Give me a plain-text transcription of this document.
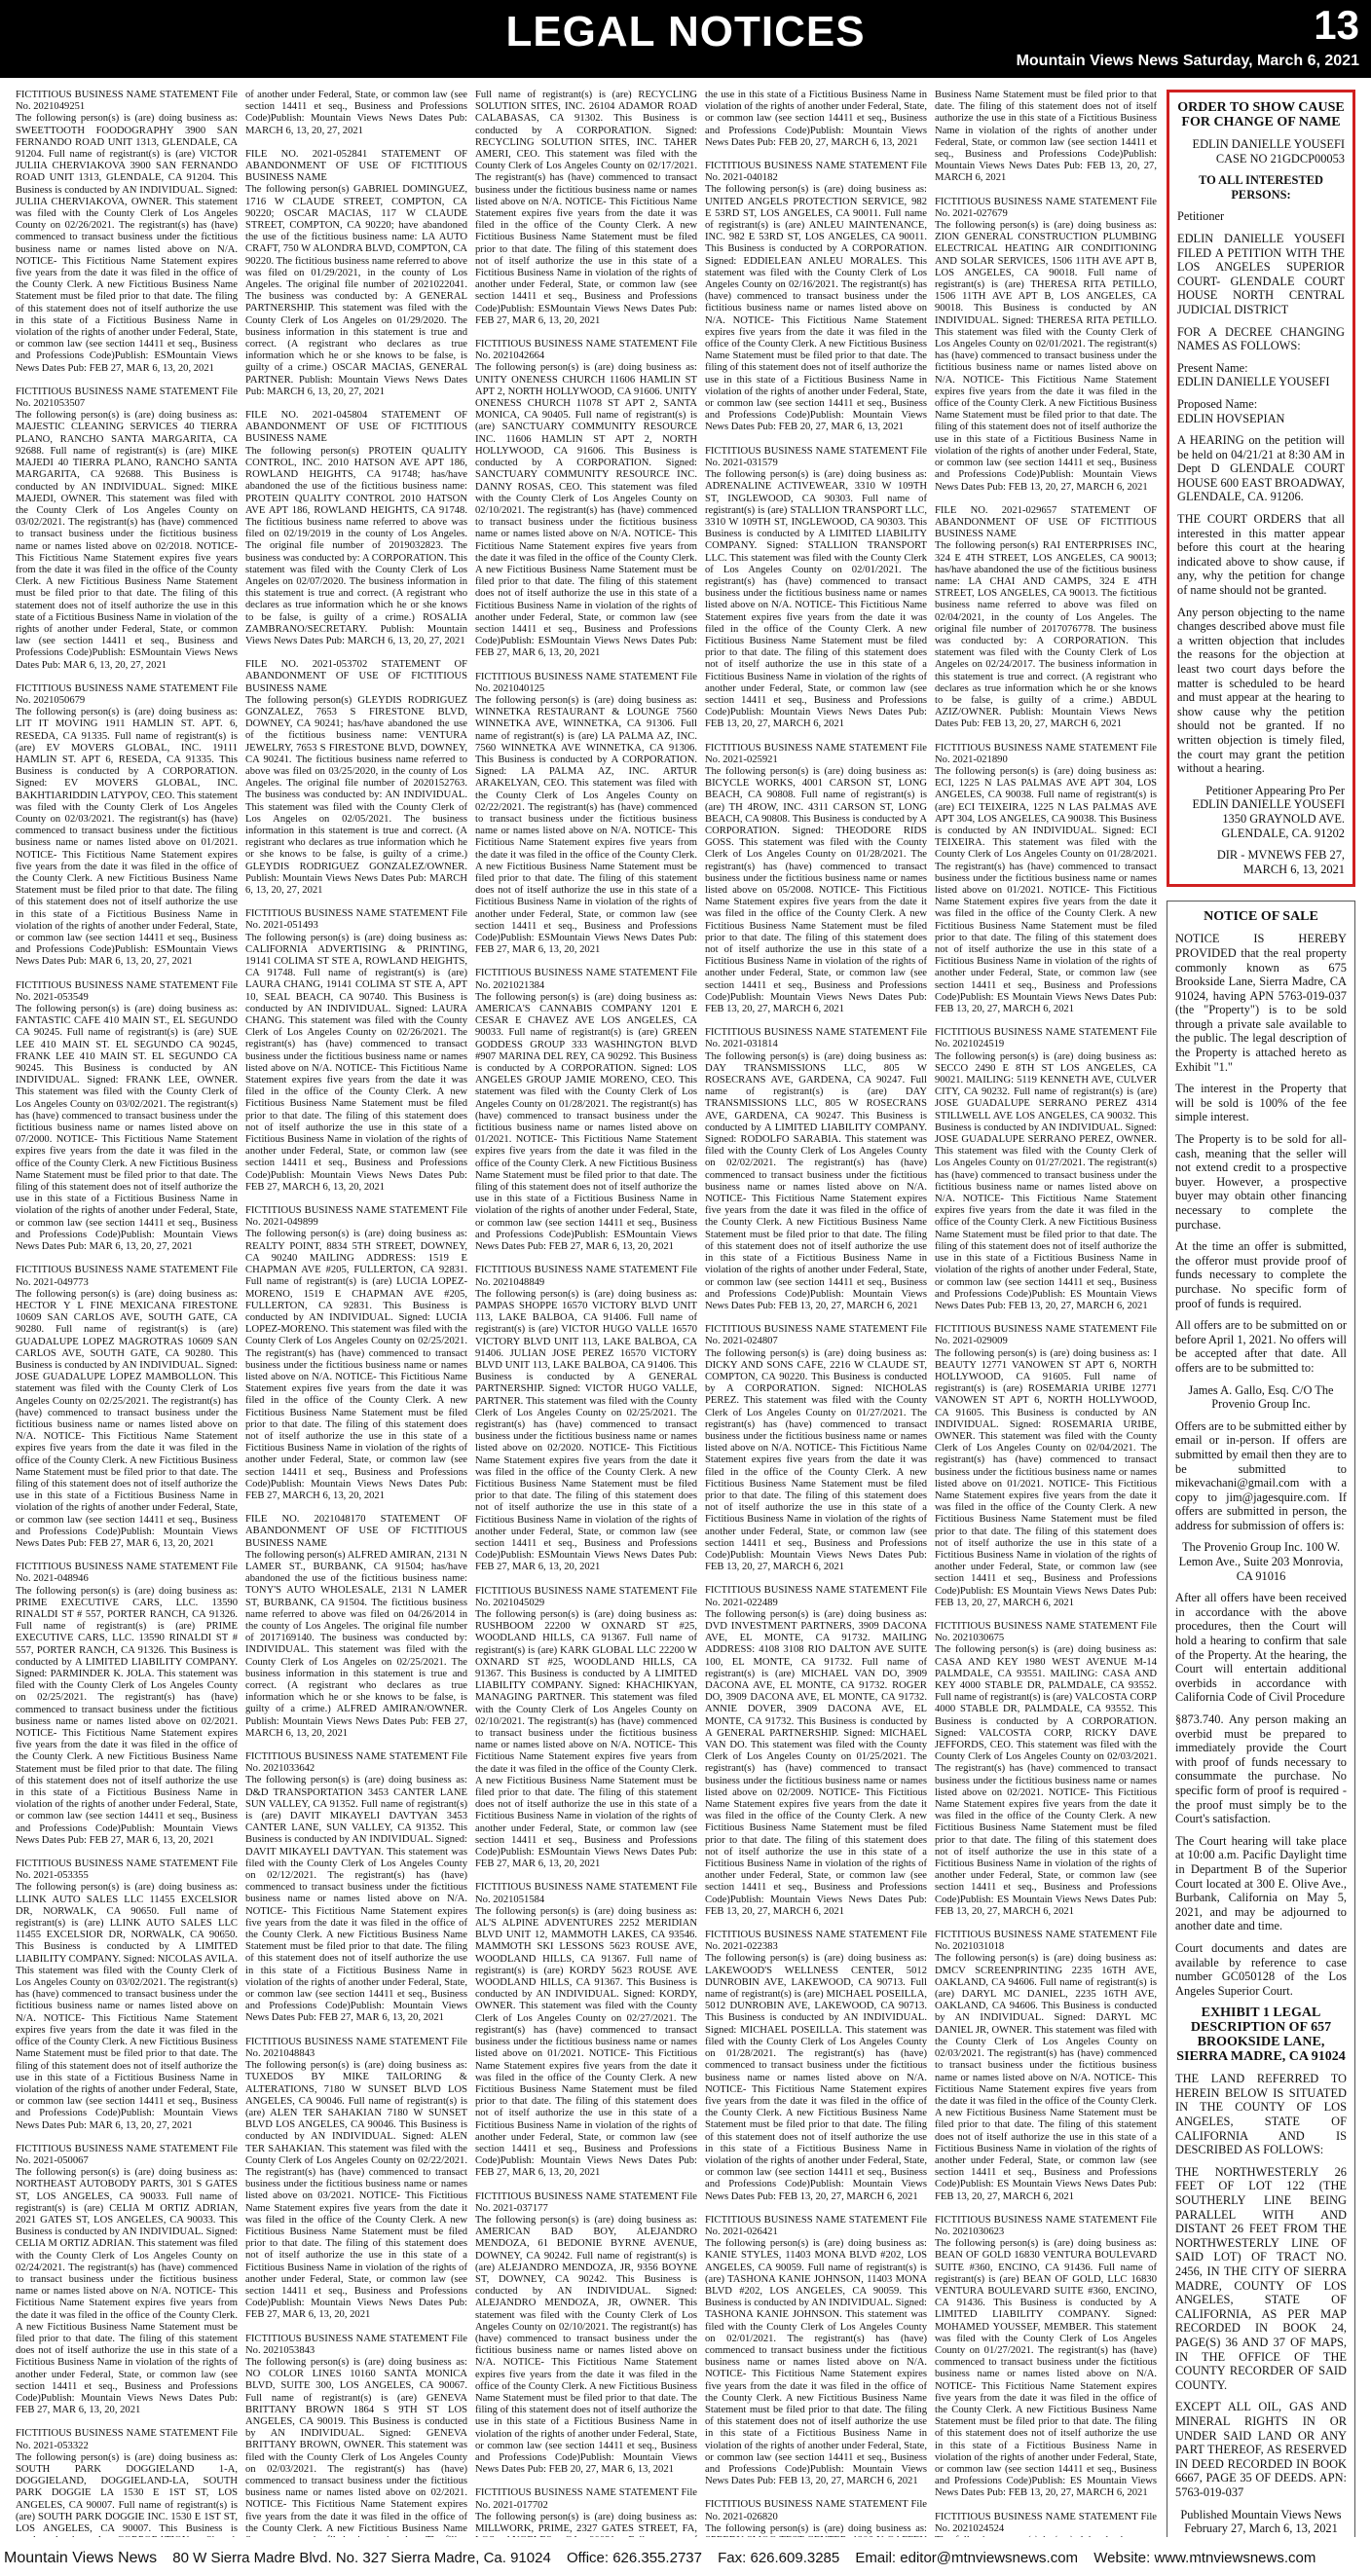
LEGAL NOTICES	13
Mountain Views News Saturday, March 6, 2021
FICTITIOUS BUSINESS NAME STATEMENT File No. 2021049251
The following person(s) is (are) doing business as: SWEETTOOTH FOODOGRAPHY 3900 SAN FERNANDO ROAD UNIT 1313, GLENDALE, CA 91204. Full name of registrant(s) is (are) VICTOR JULIIA CHERVIAKOVA 3900 SAN FERNANDO ROAD UNIT 1313, GLENDALE, CA 91204. This Business is conducted by AN INDIVIDUAL. Signed: JULIIA CHERVIAKOVA, OWNER. This statement was filed with the County Clerk of Los Angeles County on 02/26/2021. The registrant(s) has (have) commenced to transact business under the fictitious business name or names listed above on N/A. NOTICE- This Fictitious Name Statement expires five years from the date it was filed in the office of the County Clerk. A new Fictitious Business Name Statement must be filed prior to that date. The filing of this statement does not of itself authorize the use in this state of a Fictitious Business Name in violation of the rights of another under Federal, State, or common law (see section 14411 et seq., Business and Professions Code)Publish: ESMountain Views News Dates Pub: FEB 27, MAR 6, 13, 20, 2021
FICTITIOUS BUSINESS NAME STATEMENT File No. 2021053507
The following person(s) is (are) doing business as: MAJESTIC CLEANING SERVICES 40 TIERRA PLANO, RANCHO SANTA MARGARITA, CA 92688. Full name of registrant(s) is (are) MIKE MAJEDI 40 TIERRA PLANO, RANCHO SANTA MARGARITA, CA 92688. This Business is conducted by AN INDIVIDUAL. Signed: MIKE MAJEDI, OWNER. This statement was filed with the County Clerk of Los Angeles County on 03/02/2021. The registrant(s) has (have) commenced to transact business under the fictitious business name or names listed above on 02/2018. NOTICE- This Fictitious Name Statement expires five years from the date it was filed in the office of the County Clerk. A new Fictitious Business Name Statement must be filed prior to that date. The filing of this statement does not of itself authorize the use in this state of a Fictitious Business Name in violation of the rights of another under Federal, State, or common law (see section 14411 et seq., Business and Professions Code)Publish: ESMountain Views News Dates Pub: MAR 6, 13, 20, 27, 2021
FICTITIOUS BUSINESS NAME STATEMENT File No. 2021050679
The following person(s) is (are) doing business as: LIT IT MOVING 1911 HAMLIN ST. APT. 6, RESEDA, CA 91335. Full name of registrant(s) is (are) EV MOVERS GLOBAL, INC. 19111 HAMLIN ST. APT 6, RESEDA, CA 91335. This Business is conducted by A CORPORATION. Signed: EV MOVERS GLOBAL, INC. BAKHTIARIDDIN LATYPOV, CEO. This statement was filed with the County Clerk of Los Angeles County on 02/03/2021. The registrant(s) has (have) commenced to transact business under the fictitious business name or names listed above on 01/2021. NOTICE- This Fictitious Name Statement expires five years from the date it was filed in the office of the County Clerk. A new Fictitious Business Name Statement must be filed prior to that date. The filing of this statement does not of itself authorize the use in this state of a Fictitious Business Name in violation of the rights of another under Federal, State, or common law (see section 14411 et seq., Business and Professions Code)Publish: ESMountain Views News Dates Pub: MAR 6, 13, 20, 27, 2021
FICTITIOUS BUSINESS NAME STATEMENT File No. 2021-053549
The following person(s) is (are) doing business as: FANTASTIC CAFE 410 MAIN ST., EL SEGUNDO CA 90245. Full name of registrant(s) is (are) SUE LEE 410 MAIN ST. EL SEGUNDO CA 90245, FRANK LEE 410 MAIN ST. EL SEGUNDO CA 90245. This Business is conducted by AN INDIVIDUAL. Signed: FRANK LEE, OWNER. This statement was filed with the County Clerk of Los Angeles County on 03/02/2021. The registrant(s) has (have) commenced to transact business under the fictitious business name or names listed above on 07/2000. NOTICE- This Fictitious Name Statement expires five years from the date it was filed in the office of the County Clerk. A new Fictitious Business Name Statement must be filed prior to that date. The filing of this statement does not of itself authorize the use in this state of a Fictitious Business Name in violation of the rights of another under Federal, State, or common law (see section 14411 et seq., Business and Professions Code)Publish: Mountain Views News Dates Pub: MAR 6, 13, 20, 27, 2021
FICTITIOUS BUSINESS NAME STATEMENT File No. 2021-049773
The following person(s) is (are) doing business as: HECTOR Y L FINE MEXICANA FIRESTONE 10609 SAN CARLOS AVE, SOUTH GATE, CA 90280. Full name of registrant(s) is (are) GUADALUPE LOPEZ MAGROTRAS 10609 SAN CARLOS AVE, SOUTH GATE, CA 90280. This Business is conducted by AN INDIVIDUAL. Signed: JOSE GUADALUPE LOPEZ MAMBOLLON. This statement was filed with the County Clerk of Los Angeles County on 02/25/2021. The registrant(s) has (have) commenced to transact business under the fictitious business name or names listed above on N/A. NOTICE- This Fictitious Name Statement expires five years from the date it was filed in the office of the County Clerk. A new Fictitious Business Name Statement must be filed prior to that date. The filing of this statement does not of itself authorize the use in this state of a Fictitious Business Name in violation of the rights of another under Federal, State, or common law (see section 14411 et seq., Business and Professions Code)Publish: Mountain Views News Dates Pub: FEB 27, MAR 6, 13, 20, 2021
FICTITIOUS BUSINESS NAME STATEMENT File No. 2021-048946
The following person(s) is (are) doing business as: PRIME EXECUTIVE CARS, LLC. 13590 RINALDI ST # 557, PORTER RANCH, CA 91326. Full name of registrant(s) is (are) PRIME EXECUTIVE CARS, LLC. 13590 RINALDI ST # 557, PORTER RANCH, CA 91326. This Business is conducted by A LIMITED LIABILITY COMPANY. Signed: PARMINDER K. JOLA. This statement was filed with the County Clerk of Los Angeles County on 02/25/2021. The registrant(s) has (have) commenced to transact business under the fictitious business name or names listed above on 02/2021. NOTICE- This Fictitious Name Statement expires five years from the date it was filed in the office of the County Clerk. A new Fictitious Business Name Statement must be filed prior to that date. The filing of this statement does not of itself authorize the use in this state of a Fictitious Business Name in violation of the rights of another under Federal, State, or common law (see section 14411 et seq., Business and Professions Code)Publish: Mountain Views News Dates Pub: FEB 27, MAR 6, 13, 20, 2021
FICTITIOUS BUSINESS NAME STATEMENT File No. 2021-053355
The following person(s) is (are) doing business as: LLINK AUTO SALES LLC 11455 EXCELSIOR DR, NORWALK, CA 90650. Full name of registrant(s) is (are) LLINK AUTO SALES LLC 11455 EXCELSIOR DR, NORWALK, CA 90650. This Business is conducted by A LIMITED LIABILITY COMPANY. Signed: NICOLAS AVILA. This statement was filed with the County Clerk of Los Angeles County on 03/02/2021. The registrant(s) has (have) commenced to transact business under the fictitious business name or names listed above on N/A. NOTICE- This Fictitious Name Statement expires five years from the date it was filed in the office of the County Clerk. A new Fictitious Business Name Statement must be filed prior to that date. The filing of this statement does not of itself authorize the use in this state of a Fictitious Business Name in violation of the rights of another under Federal, State, or common law (see section 14411 et seq., Business and Professions Code)Publish: Mountain Views News Dates Pub: MAR 6, 13, 20, 27, 2021
FICTITIOUS BUSINESS NAME STATEMENT File No. 2021-050067
The following person(s) is (are) doing business as: NORTHEAST AUTOBODY PARTS, 301 S GATES ST, LOS ANGELES, CA 90033. Full name of registrant(s) is (are) CELIA M ORTIZ ADRIAN, 2021 GATES ST, LOS ANGELES, CA 90033. This Business is conducted by AN INDIVIDUAL. Signed: CELIA M ORTIZ ADRIAN. This statement was filed with the County Clerk of Los Angeles County on 02/24/2021. The registrant(s) has (have) commenced to transact business under the fictitious business name or names listed above on N/A. NOTICE- This Fictitious Name Statement expires five years from the date it was filed in the office of the County Clerk. A new Fictitious Business Name Statement must be filed prior to that date. The filing of this statement does not of itself authorize the use in this state of a Fictitious Business Name in violation of the rights of another under Federal, State, or common law (see section 14411 et seq., Business and Professions Code)Publish: Mountain Views News Dates Pub: FEB 27, MAR 6, 13, 20, 2021
FICTITIOUS BUSINESS NAME STATEMENT File No. 2021-053322
The following person(s) is (are) doing business as: SOUTH PARK DOGGIELAND 1-A, DOGGIELAND, DOGGIELAND-LA, SOUTH PARK DOGGIE LA 1530 E 1ST ST, LOS ANGELES, CA 90007. Full name of registrant(s) is (are) SOUTH PARK DOGGIE INC. 1530 E 1ST ST, LOS ANGELES, CA 90007. This Business is
of another under Federal, State, or common law (see section 14411 et seq., Business and Professions Code)Publish: Mountain Views News Dates Pub: MARCH 6, 13, 20, 27, 2021
FILE NO. 2021-052841 STATEMENT OF ABANDONMENT OF USE OF FICTITIOUS BUSINESS NAME
The following person(s) GABRIEL DOMINGUEZ, 1716 W CLAUDE STREET, COMPTON, CA 90220; OSCAR MACIAS, 117 W CLAUDE STREET, COMPTON, CA 90220; have abandoned the use of the fictitious business name: LA AUTO CRAFT, 750 W ALONDRA BLVD, COMPTON, CA 90220. The fictitious business name referred to above was filed on 01/29/2021, in the county of Los Angeles. The original file number of 2021022041. The business was conducted by: A GENERAL PARTNERSHIP. This statement was filed with the County Clerk of Los Angeles on 01/29/2020. The business information in this statement is true and correct. (A registrant who declares as true information which he or she knows to be false, is guilty of a crime.) OSCAR MACIAS, GENERAL PARTNER. Publish: Mountain Views News Dates Pub: MARCH 6, 13, 20, 27, 2021
FILE NO. 2021-045804 STATEMENT OF ABANDONMENT OF USE OF FICTITIOUS BUSINESS NAME
The following person(s) PROTEIN QUALITY CONTROL, INC. 2010 HATSON AVE APT 186, ROWLAND HEIGHTS, CA 91748; has/have abandoned the use of the fictitious business name: PROTEIN QUALITY CONTROL 2010 HATSON AVE APT 186, ROWLAND HEIGHTS, CA 91748. The fictitious business name referred to above was filed on 02/19/2019 in the county of Los Angeles. The original file number of 2019032823. The business was conducted by: A CORPORATION. This statement was filed with the County Clerk of Los Angeles on 02/07/2020. The business information in this statement is true and correct. (A registrant who declares as true information which he or she knows to be false, is guilty of a crime.) ROSALIA ZAMBRANO/SECRETARY. Publish: Mountain Views News Dates Pub: MARCH 6, 13, 20, 27, 2021
FILE NO. 2021-053702 STATEMENT OF ABANDONMENT OF USE OF FICTITIOUS BUSINESS NAME
The following person(s) GLEYDIS RODRIGUEZ GONZALEZ, 7653 S FIRESTONE BLVD, DOWNEY, CA 90241; has/have abandoned the use of the fictitious business name: VENTURA JEWELRY, 7653 S FIRESTONE BLVD, DOWNEY, CA 90241. The fictitious business name referred to above was filed on 03/25/2020, in the county of Los Angeles. The original file number of 2020152763. The business was conducted by: AN INDIVIDUAL. This statement was filed with the County Clerk of Los Angeles on 02/05/2021. The business information in this statement is true and correct. (A registrant who declares as true information which he or she knows to be false, is guilty of a crime.) GLEYDIS RODRIGUEZ GONZALEZ/OWNER. Publish: Mountain Views News Dates Pub: MARCH 6, 13, 20, 27, 2021
FICTITIOUS BUSINESS NAME STATEMENT File No. 2021-051493
The following person(s) is (are) doing business as: CALIFORNIA ADVERTISING & PRINTING, 19141 COLIMA ST STE A, ROWLAND HEIGHTS, CA 91748. Full name of registrant(s) is (are) LAURA CHANG, 19141 COLIMA ST STE A, APT 10, SEAL BEACH, CA 90740. This Business is conducted by AN INDIVIDUAL. Signed: LAURA CHANG. This statement was filed with the County Clerk of Los Angeles County on 02/26/2021. The registrant(s) has (have) commenced to transact business under the fictitious business name or names listed above on N/A. NOTICE- This Fictitious Name Statement expires five years from the date it was filed in the office of the County Clerk. A new Fictitious Business Name Statement must be filed prior to that date. The filing of this statement does not of itself authorize the use in this state of a Fictitious Business Name in violation of the rights of another under Federal, State, or common law (see section 14411 et seq., Business and Professions Code)Publish: Mountain Views News Dates Pub: FEB 27, MARCH 6, 13, 20, 2021
FICTITIOUS BUSINESS NAME STATEMENT File No. 2021-049899
The following person(s) is (are) doing business as: REALTY POINT, 8834 5TH STREET, DOWNEY, CA 90240 MAILING ADDRESS: 1519 E CHAPMAN AVE #205, FULLERTON, CA 92831. Full name of registrant(s) is (are) LUCIA LOPEZ-MORENO, 1519 E CHAPMAN AVE #205, FULLERTON, CA 92831. This Business is conducted by AN INDIVIDUAL. Signed: LUCIA LOPEZ-MORENO. This statement was filed with the County Clerk of Los Angeles County on 02/25/2021. The registrant(s) has (have) commenced to transact business under the fictitious business name or names listed above on N/A. NOTICE- This Fictitious Name Statement expires five years from the date it was filed in the office of the County Clerk. A new Fictitious Business Name Statement must be filed prior to that date. The filing of this statement does not of itself authorize the use in this state of a Fictitious Business Name in violation of the rights of another under Federal, State, or common law (see section 14411 et seq., Business and Professions Code)Publish: Mountain Views News Dates Pub: FEB 27, MARCH 6, 13, 20, 2021
FILE NO. 2021048170 STATEMENT OF ABANDONMENT OF USE OF FICTITIOUS BUSINESS NAME
The following person(s) ALFRED AMIRAN, 2131 N LAMER ST., BURBANK, CA 91504; has/have abandoned the use of the fictitious business name: TONY'S AUTO WHOLESALE, 2131 N LAMER ST, BURBANK, CA 91504. The fictitious business name referred to above was filed on 04/26/2014 in the county of Los Angeles. The original file number of 2017169140. The business was conducted by: INDIVIDUAL. This statement was filed with the County Clerk of Los Angeles on 02/25/2021. The business information in this statement is true and correct. (A registrant who declares as true information which he or she knows to be false, is guilty of a crime.) ALFRED AMIRAN/OWNER. Publish: Mountain Views News Dates Pub: FEB 27, MARCH 6, 13, 20, 2021
FICTITIOUS BUSINESS NAME STATEMENT File No. 2021033642
The following person(s) is (are) doing business as: D&D TRANSPORTATION 3453 CANTER LANE SUN VALLEY, CA 91352. Full name of registrant(s) is (are) DAVIT MIKAYELI DAVTYAN 3453 CANTER LANE, SUN VALLEY, CA 91352. This Business is conducted by AN INDIVIDUAL. Signed: DAVIT MIKAYELI DAVTYAN. This statement was filed with the County Clerk of Los Angeles County on 02/12/2021. The registrant(s) has (have) commenced to transact business under the fictitious business name or names listed above on N/A. NOTICE- This Fictitious Name Statement expires five years from the date it was filed in the office of the County Clerk. A new Fictitious Business Name Statement must be filed prior to that date. The filing of this statement does not of itself authorize the use in this state of a Fictitious Business Name in violation of the rights of another under Federal, State, or common law (see section 14411 et seq., Business and Professions Code)Publish: Mountain Views News Dates Pub: FEB 27, MAR 6, 13, 20, 2021
FICTITIOUS BUSINESS NAME STATEMENT File No. 2021048843
The following person(s) is (are) doing business as: TUXEDOS BY MIKE TAILORING & ALTERATIONS, 7180 W SUNSET BLVD LOS ANGELES, CA 90046. Full name of registrant(s) is (are) ALEN TER SAHAKIAN 7180 W SUNSET BLVD LOS ANGELES, CA 90046. This Business is conducted by AN INDIVIDUAL. Signed: ALEN TER SAHAKIAN. This statement was filed with the County Clerk of Los Angeles County on 02/22/2021. The registrant(s) has (have) commenced to transact business under the fictitious business name or names listed above on 03/2021. NOTICE- This Fictitious Name Statement expires five years from the date it was filed in the office of the County Clerk. A new Fictitious Business Name Statement must be filed prior to that date. The filing of this statement does not of itself authorize the use in this state of a Fictitious Business Name in violation of the rights of another under Federal, State, or common law (see section 14411 et seq., Business and Professions Code)Publish: Mountain Views News Dates Pub: FEB 27, MAR 6, 13, 20, 2021
FICTITIOUS BUSINESS NAME STATEMENT File No. 2021053843
The following person(s) is (are) doing business as: NO COLOR LINES 10160 SANTA MONICA BLVD, SUITE 300, LOS ANGELES, CA 90067. Full name of registrant(s) is (are) GENEVA BRITTANY BROWN 1864 S 9TH ST LOS ANGELES, CA 90019. This Business is conducted by AN INDIVIDUAL. Signed: GENEVA BRITTANY BROWN, OWNER. This statement was filed with the County Clerk of Los Angeles County on 02/03/2021. The registrant(s) has (have) commenced to transact business under the fictitious business name or names listed above on 02/2021. NOTICE- This Fictitious Name Statement expires five years from the date it was filed in the office of the County Clerk. A new Fictitious Business Name
Full name of registrant(s) is (are) RECYCLING SOLUTION SITES, INC. 26104 ADAMOR ROAD CALABASAS, CA 91302. This Business is conducted by A CORPORATION. Signed: RECYCLING SOLUTION SITES, INC. TAHER AMERI, CEO. This statement was filed with the County Clerk of Los Angeles County on 02/17/2021. The registrant(s) has (have) commenced to transact business under the fictitious business name or names listed above on N/A. NOTICE- This Fictitious Name Statement expires five years from the date it was filed in the office of the County Clerk. A new Fictitious Business Name Statement must be filed prior to that date. The filing of this statement does not of itself authorize the use in this state of a Fictitious Business Name in violation of the rights of another under Federal, State, or common law (see section 14411 et seq., Business and Professions Code)Publish: ESMountain Views News Dates Pub: FEB 27, MAR 6, 13, 20, 2021
FICTITIOUS BUSINESS NAME STATEMENT File No. 2021042664
The following person(s) is (are) doing business as: UNITY ONENESS CHURCH 11606 HAMLIN ST APT 2, NORTH HOLLYWOOD, CA 91606. UNITY ONENESS CHURCH 11078 ST APT 2, SANTA MONICA, CA 90405. Full name of registrant(s) is (are) SANCTUARY COMMUNITY RESOURCE INC. 11606 HAMLIN ST APT 2, NORTH HOLLYWOOD, CA 91606. This Business is conducted by A CORPORATION. Signed: SANCTUARY COMMUNITY RESOURCE INC. DANNY ROSAS, CEO. This statement was filed with the County Clerk of Los Angeles County on 02/10/2021. The registrant(s) has (have) commenced to transact business under the fictitious business name or names listed above on N/A. NOTICE- This Fictitious Name Statement expires five years from the date it was filed in the office of the County Clerk. A new Fictitious Business Name Statement must be filed prior to that date. The filing of this statement does not of itself authorize the use in this state of a Fictitious Business Name in violation of the rights of another under Federal, State, or common law (see section 14411 et seq., Business and Professions Code)Publish: ESMountain Views News Dates Pub: FEB 27, MAR 6, 13, 20, 2021
FICTITIOUS BUSINESS NAME STATEMENT File No. 2021040125
The following person(s) is (are) doing business as: WINNETKA RESTAURANT & LOUNGE 7560 WINNETKA AVE, WINNETKA, CA 91306. Full name of registrant(s) is (are) LA PALMA AZ, INC. 7560 WINNETKA AVE WINNETKA, CA 91306. This Business is conducted by A CORPORATION. Signed: LA PALMA AZ, INC. ARTUR ARAKELYAN, CEO. This statement was filed with the County Clerk of Los Angeles County on 02/22/2021. The registrant(s) has (have) commenced to transact business under the fictitious business name or names listed above on N/A. NOTICE- This Fictitious Name Statement expires five years from the date it was filed in the office of the County Clerk. A new Fictitious Business Name Statement must be filed prior to that date. The filing of this statement does not of itself authorize the use in this state of a Fictitious Business Name in violation of the rights of another under Federal, State, or common law (see section 14411 et seq., Business and Professions Code)Publish: ESMountain Views News Dates Pub: FEB 27, MAR 6, 13, 20, 2021
FICTITIOUS BUSINESS NAME STATEMENT File No. 2021021384
The following person(s) is (are) doing business as: AMERICA'S CANNABIS COMPANY 1201 E CESAR E CHAVEZ AVE LOS ANGELES, CA 90033. Full name of registrant(s) is (are) GREEN GODDESS GROUP 333 WASHINGTON BLVD #907 MARINA DEL REY, CA 90292. This Business is conducted by A CORPORATION. Signed: LOS ANGELES GROUP JAMIE MORENO, CEO. This statement was filed with the County Clerk of Los Angeles County on 01/28/2021. The registrant(s) has (have) commenced to transact business under the fictitious business name or names listed above on 01/2021. NOTICE- This Fictitious Name Statement expires five years from the date it was filed in the office of the County Clerk. A new Fictitious Business Name Statement must be filed prior to that date. The filing of this statement does not of itself authorize the use in this state of a Fictitious Business Name in violation of the rights of another under Federal, State, or common law (see section 14411 et seq., Business and Professions Code)Publish: ESMountain Views News Dates Pub: FEB 27, MAR 6, 13, 20, 2021
FICTITIOUS BUSINESS NAME STATEMENT File No. 2021048849
The following person(s) is (are) doing business as: PAMPAS SHOPPE 16570 VICTORY BLVD UNIT 113, LAKE BALBOA, CA 91406. Full name of registrant(s) is (are) VICTOR HUGO VALLE 16570 VICTORY BLVD UNIT 113, LAKE BALBOA, CA 91406. JULIAN JOSE PEREZ 16570 VICTORY BLVD UNIT 113, LAKE BALBOA, CA 91406. This Business is conducted by A GENERAL PARTNERSHIP. Signed: VICTOR HUGO VALLE, PARTNER. This statement was filed with the County Clerk of Los Angeles County on 02/25/2021. The registrant(s) has (have) commenced to transact business under the fictitious business name or names listed above on 02/2020. NOTICE- This Fictitious Name Statement expires five years from the date it was filed in the office of the County Clerk. A new Fictitious Business Name Statement must be filed prior to that date. The filing of this statement does not of itself authorize the use in this state of a Fictitious Business Name in violation of the rights of another under Federal, State, or common law (see section 14411 et seq., Business and Professions Code)Publish: ESMountain Views News Dates Pub: FEB 27, MAR 6, 13, 20, 2021
FICTITIOUS BUSINESS NAME STATEMENT File No. 2021045029
The following person(s) is (are) doing business as: RUSHBOOM 22200 W OXNARD ST #25, WOODLAND HILLS, CA 91367. Full name of registrant(s) is (are) KARK GLOBAL LLC 22200 W OXNARD ST #25, WOODLAND HILLS, CA 91367. This Business is conducted by A LIMITED LIABILITY COMPANY. Signed: KHACHIKYAN, MANAGING PARTNER. This statement was filed with the County Clerk of Los Angeles County on 02/10/2021. The registrant(s) has (have) commenced to transact business under the fictitious business name or names listed above on N/A. NOTICE- This Fictitious Name Statement expires five years from the date it was filed in the office of the County Clerk. A new Fictitious Business Name Statement must be filed prior to that date. The filing of this statement does not of itself authorize the use in this state of a Fictitious Business Name in violation of the rights of another under Federal, State, or common law (see section 14411 et seq., Business and Professions Code)Publish: ESMountain Views News Dates Pub: FEB 27, MAR 6, 13, 20, 2021
FICTITIOUS BUSINESS NAME STATEMENT File No. 2021051584
The following person(s) is (are) doing business as: AL'S ALPINE ADVENTURES 2252 MERIDIAN BLVD UNIT 12, MAMMOTH LAKES, CA 93546. MAMMOTH SKI LESSONS 5623 ROUSE AVE, WOODLAND HILLS, CA 91367. Full name of registrant(s) is (are) KORDY 5623 ROUSE AVE WOODLAND HILLS, CA 91367. This Business is conducted by AN INDIVIDUAL. Signed: KORDY, OWNER. This statement was filed with the County Clerk of Los Angeles County on 02/27/2021. The registrant(s) has (have) commenced to transact business under the fictitious business name or names listed above on 01/2021. NOTICE- This Fictitious Name Statement expires five years from the date it was filed in the office of the County Clerk. A new Fictitious Business Name Statement must be filed prior to that date. The filing of this statement does not of itself authorize the use in this state of a Fictitious Business Name in violation of the rights of another under Federal, State, or common law (see section 14411 et seq., Business and Professions Code)Publish: Mountain Views News Dates Pub: FEB 27, MAR 6, 13, 20, 2021
FICTITIOUS BUSINESS NAME STATEMENT File No. 2021-037177
The following person(s) is (are) doing business as: AMERICAN BAD BOY, ALEJANDRO MENDOZA, 61 BEDONIE BYRNE AVENUE, DOWNEY, CA 90242. Full name of registrant(s) is (are) ALEJANDRO MENDOZA, JR, 9356 BOYNE ST, DOWNEY, CA 90242. This Business is conducted by AN INDIVIDUAL. Signed: ALEJANDRO MENDOZA, JR, OWNER. This statement was filed with the County Clerk of Los Angeles County on 02/10/2021. The registrant(s) has (have) commenced to transact business under the fictitious business name or names listed above on N/A. NOTICE- This Fictitious Name Statement expires five years from the date it was filed in the office of the County Clerk. A new Fictitious Business Name Statement must be filed prior to that date. The filing of this statement does not of itself authorize the use in this state of a Fictitious Business Name in violation of the rights of another under Federal, State, or common law (see section 14411 et seq., Business and Professions Code)Publish: Mountain Views News Dates Pub: FEB 20, 27, MAR 6, 13, 2021
FICTITIOUS BUSINESS NAME STATEMENT File No. 2021-017702
The following person(s) is (are) doing business as: MILLWORK, PRIME, 2327 GATES STREET, FA,
the use in this state of a Fictitious Business Name in violation of the rights of another under Federal, State, or common law (see section 14411 et seq., Business and Professions Code)Publish: Mountain Views News Dates Pub: FEB 20, 27, MARCH 6, 13, 2021
FICTITIOUS BUSINESS NAME STATEMENT File No. 2021-040182
The following person(s) is (are) doing business as: UNITED ANGELS PROTECTION SERVICE, 982 E 53RD ST, LOS ANGELES, CA 90011. Full name of registrant(s) is (are) ANLEU MAINTENANCE, INC. 982 E 53RD ST, LOS ANGELES, CA 90011. This Business is conducted by A CORPORATION. Signed: EDDIELEAN ANLEU MORALES. This statement was filed with the County Clerk of Los Angeles County on 02/16/2021. The registrant(s) has (have) commenced to transact business under the fictitious business name or names listed above on N/A. NOTICE- This Fictitious Name Statement expires five years from the date it was filed in the office of the County Clerk. A new Fictitious Business Name Statement must be filed prior to that date. The filing of this statement does not of itself authorize the use in this state of a Fictitious Business Name in violation of the rights of another under Federal, State, or common law (see section 14411 et seq., Business and Professions Code)Publish: Mountain Views News Dates Pub: FEB 20, 27, MAR 6, 13, 2021
FICTITIOUS BUSINESS NAME STATEMENT File No. 2021-031579
The following person(s) is (are) doing business as: ADRENALINE ACTIVEWEAR, 3310 W 109TH ST, INGLEWOOD, CA 90303. Full name of registrant(s) is (are) STALLION TRANSPORT LLC, 3310 W 109TH ST, INGLEWOOD, CA 90303. This Business is conducted by A LIMITED LIABILITY COMPANY. Signed: STALLION TRANSPORT LLC. This statement was filed with the County Clerk of Los Angeles County on 02/01/2021. The registrant(s) has (have) commenced to transact business under the fictitious business name or names listed above on N/A. NOTICE- This Fictitious Name Statement expires five years from the date it was filed in the office of the County Clerk. A new Fictitious Business Name Statement must be filed prior to that date. The filing of this statement does not of itself authorize the use in this state of a Fictitious Business Name in violation of the rights of another under Federal, State, or common law (see section 14411 et seq., Business and Professions Code)Publish: Mountain Views News Dates Pub: FEB 13, 20, 27, MARCH 6, 2021
FICTITIOUS BUSINESS NAME STATEMENT File No. 2021-025921
The following person(s) is (are) doing business as: BICYCLE WORKS, 4001 CARSON ST, LONG BEACH, CA 90808. Full name of registrant(s) is (are) TH 4ROW, INC. 4311 CARSON ST, LONG BEACH, CA 90808. This Business is conducted by A CORPORATION. Signed: THEODORE RIDS GOSS. This statement was filed with the County Clerk of Los Angeles County on 01/28/2021. The registrant(s) has (have) commenced to transact business under the fictitious business name or names listed above on 05/2008. NOTICE- This Fictitious Name Statement expires five years from the date it was filed in the office of the County Clerk. A new Fictitious Business Name Statement must be filed prior to that date. The filing of this statement does not of itself authorize the use in this state of a Fictitious Business Name in violation of the rights of another under Federal, State, or common law (see section 14411 et seq., Business and Professions Code)Publish: Mountain Views News Dates Pub: FEB 13, 20, 27, MARCH 6, 2021
FICTITIOUS BUSINESS NAME STATEMENT File No. 2021-031814
The following person(s) is (are) doing business as: DAY TRANSMISSIONS LLC, 805 W ROSECRANS AVE, GARDENA, CA 90247. Full name of registrant(s) is (are) DAY TRANSMISSIONS LLC, 805 W ROSECRANS AVE, GARDENA, CA 90247. This Business is conducted by A LIMITED LIABILITY COMPANY. Signed: RODOLFO SARABIA. This statement was filed with the County Clerk of Los Angeles County on 02/02/2021. The registrant(s) has (have) commenced to transact business under the fictitious business name or names listed above on N/A. NOTICE- This Fictitious Name Statement expires five years from the date it was filed in the office of the County Clerk. A new Fictitious Business Name Statement must be filed prior to that date. The filing of this statement does not of itself authorize the use in this state of a Fictitious Business Name in violation of the rights of another under Federal, State, or common law (see section 14411 et seq., Business and Professions Code)Publish: Mountain Views News Dates Pub: FEB 13, 20, 27, MARCH 6, 2021
FICTITIOUS BUSINESS NAME STATEMENT File No. 2021-024807
The following person(s) is (are) doing business as: DICKY AND SONS CAFE, 2216 W CLAUDE ST, COMPTON, CA 90220. This Business is conducted by A CORPORATION. Signed: NICHOLAS PEREZ. This statement was filed with the County Clerk of Los Angeles County on 01/27/2021. The registrant(s) has (have) commenced to transact business under the fictitious business name or names listed above on N/A. NOTICE- This Fictitious Name Statement expires five years from the date it was filed in the office of the County Clerk. A new Fictitious Business Name Statement must be filed prior to that date. The filing of this statement does not of itself authorize the use in this state of a Fictitious Business Name in violation of the rights of another under Federal, State, or common law (see section 14411 et seq., Business and Professions Code)Publish: Mountain Views News Dates Pub: FEB 13, 20, 27, MARCH 6, 2021
FICTITIOUS BUSINESS NAME STATEMENT File No. 2021-022489
The following person(s) is (are) doing business as: DVD INVESTMENT PARTNERS, 3909 DACONA AVE, EL MONTE, CA 91732. MAILING ADDRESS: 4108 3108 RIO DALTON AVE SUITE 100, EL MONTE, CA 91732. Full name of registrant(s) is (are) MICHAEL VAN DO, 3909 DACONA AVE, EL MONTE, CA 91732. ROGER DO, 3909 DACONA AVE, EL MONTE, CA 91732. ANNIE DOVER, 3909 DACONA AVE, EL MONTE, CA 91732. This Business is conducted by A GENERAL PARTNERSHIP. Signed: MICHAEL VAN DO. This statement was filed with the County Clerk of Los Angeles County on 01/25/2021. The registrant(s) has (have) commenced to transact business under the fictitious business name or names listed above on 02/2009. NOTICE- This Fictitious Name Statement expires five years from the date it was filed in the office of the County Clerk. A new Fictitious Business Name Statement must be filed prior to that date. The filing of this statement does not of itself authorize the use in this state of a Fictitious Business Name in violation of the rights of another under Federal, State, or common law (see section 14411 et seq., Business and Professions Code)Publish: Mountain Views News Dates Pub: FEB 13, 20, 27, MARCH 6, 2021
FICTITIOUS BUSINESS NAME STATEMENT File No. 2021-022383
The following person(s) is (are) doing business as: LAKEWOOD'S WELLNESS CENTER, 5012 DUNROBIN AVE, LAKEWOOD, CA 90713. Full name of registrant(s) is (are) MICHAEL POSEILLA, 5012 DUNROBIN AVE, LAKEWOOD, CA 90713. This Business is conducted by AN INDIVIDUAL. Signed: MICHAEL POSEILLA. This statement was filed with the County Clerk of Los Angeles County on 01/28/2021. The registrant(s) has (have) commenced to transact business under the fictitious business name or names listed above on N/A. NOTICE- This Fictitious Name Statement expires five years from the date it was filed in the office of the County Clerk. A new Fictitious Business Name Statement must be filed prior to that date. The filing of this statement does not of itself authorize the use in this state of a Fictitious Business Name in violation of the rights of another under Federal, State, or common law (see section 14411 et seq., Business and Professions Code)Publish: Mountain Views News Dates Pub: FEB 13, 20, 27, MARCH 6, 2021
FICTITIOUS BUSINESS NAME STATEMENT File No. 2021-026421
The following person(s) is (are) doing business as: KANIE STYLES, 11403 MONA BLVD #202, LOS ANGELES, CA 90059. Full name of registrant(s) is (are) TASHONA KANIE JOHNSON, 11403 MONA BLVD #202, LOS ANGELES, CA 90059. This Business is conducted by AN INDIVIDUAL. Signed: TASHONA KANIE JOHNSON. This statement was filed with the County Clerk of Los Angeles County on 02/01/2021. The registrant(s) has (have) commenced to transact business under the fictitious business name or names listed above on N/A. NOTICE- This Fictitious Name Statement expires five years from the date it was filed in the office of the County Clerk. A new Fictitious Business Name Statement must be filed prior to that date. The filing of this statement does not of itself authorize the use in this state of a Fictitious Business Name in violation of the rights of another under Federal, State, or common law (see section 14411 et seq., Business and Professions Code)Publish: Mountain Views News Dates Pub: FEB 13, 20, 27, MARCH 6, 2021
FICTITIOUS BUSINESS NAME STATEMENT File No. 2021-026820
The following person(s) is (are) doing business as:
Business Name Statement must be filed prior to that date. The filing of this statement does not of itself authorize the use in this state of a Fictitious Business Name in violation of the rights of another under Federal, State, or common law (see section 14411 et seq., Business and Professions Code)Publish: Mountain Views News Dates Pub: FEB 13, 20, 27, MARCH 6, 2021
FICTITIOUS BUSINESS NAME STATEMENT File No. 2021-027679
The following person(s) is (are) doing business as: ZION GENERAL CONSTRUCTION PLUMBING ELECTRICAL HEATING AIR CONDITIONING AND SOLAR SERVICES, 1506 11TH AVE APT B, LOS ANGELES, CA 90018. Full name of registrant(s) is (are) THERESA RITA PETILLO, 1506 11TH AVE APT B, LOS ANGELES, CA 90018. This Business is conducted by AN INDIVIDUAL. Signed: THERESA RITA PETILLO. This statement was filed with the County Clerk of Los Angeles County on 02/01/2021. The registrant(s) has (have) commenced to transact business under the fictitious business name or names listed above on N/A. NOTICE- This Fictitious Name Statement expires five years from the date it was filed in the office of the County Clerk. A new Fictitious Business Name Statement must be filed prior to that date. The filing of this statement does not of itself authorize the use in this state of a Fictitious Business Name in violation of the rights of another under Federal, State, or common law (see section 14411 et seq., Business and Professions Code)Publish: Mountain Views News Dates Pub: FEB 13, 20, 27, MARCH 6, 2021
FILE NO. 2021-029657 STATEMENT OF ABANDONMENT OF USE OF FICTITIOUS BUSINESS NAME
The following person(s) RAI ENTERPRISES INC, 324 E 4TH STREET, LOS ANGELES, CA 90013; has/have abandoned the use of the fictitious business name: LA CHAI AND CAMPS, 324 E 4TH STREET, LOS ANGELES, CA 90013. The fictitious business name referred to above was filed on 02/04/2021, in the county of Los Angeles. The original file number of 2017076778. The business was conducted by: A CORPORATION. This statement was filed with the County Clerk of Los Angeles on 02/24/2017. The business information in this statement is true and correct. (A registrant who declares as true information which he or she knows to be false, is guilty of a crime.) ABDUL AZIZ/OWNER. Publish: Mountain Views News Dates Pub: FEB 13, 20, 27, MARCH 6, 2021
FICTITIOUS BUSINESS NAME STATEMENT File No. 2021-021890
The following person(s) is (are) doing business as: ECI, 1225 N LAS PALMAS AVE APT 304, LOS ANGELES, CA 90038. Full name of registrant(s) is (are) ECI TEIXEIRA, 1225 N LAS PALMAS AVE APT 304, LOS ANGELES, CA 90038. This Business is conducted by AN INDIVIDUAL. Signed: ECI TEIXEIRA. This statement was filed with the County Clerk of Los Angeles County on 01/28/2021. The registrant(s) has (have) commenced to transact business under the fictitious business name or names listed above on 01/2021. NOTICE- This Fictitious Name Statement expires five years from the date it was filed in the office of the County Clerk. A new Fictitious Business Name Statement must be filed prior to that date. The filing of this statement does not of itself authorize the use in this state of a Fictitious Business Name in violation of the rights of another under Federal, State, or common law (see section 14411 et seq., Business and Professions Code)Publish: ES Mountain Views News Dates Pub: FEB 13, 20, 27, MARCH 6, 2021
FICTITIOUS BUSINESS NAME STATEMENT File No. 2021024519
The following person(s) is (are) doing business as: SECCO 2490 E 8TH ST LOS ANGELES, CA 90021. MAILING: 5119 KENNETH AVE, CULVER CITY, CA 90232. Full name of registrant(s) is (are) JOSE GUADALUPE SERRANO PEREZ 4314 STILLWELL AVE LOS ANGELES, CA 90032. This Business is conducted by AN INDIVIDUAL. Signed: JOSE GUADALUPE SERRANO PEREZ, OWNER. This statement was filed with the County Clerk of Los Angeles County on 01/27/2021. The registrant(s) has (have) commenced to transact business under the fictitious business name or names listed above on N/A. NOTICE- This Fictitious Name Statement expires five years from the date it was filed in the office of the County Clerk. A new Fictitious Business Name Statement must be filed prior to that date. The filing of this statement does not of itself authorize the use in this state of a Fictitious Business Name in violation of the rights of another under Federal, State, or common law (see section 14411 et seq., Business and Professions Code)Publish: ES Mountain Views News Dates Pub: FEB 13, 20, 27, MARCH 6, 2021
FICTITIOUS BUSINESS NAME STATEMENT File No. 2021-029009
The following person(s) is (are) doing business as: I BEAUTY 12771 VANOWEN ST APT 6, NORTH HOLLYWOOD, CA 91605. Full name of registrant(s) is (are) ROSEMARIA URIBE 12771 VANOWEN ST APT 6, NORTH HOLLYWOOD, CA 91605. This Business is conducted by AN INDIVIDUAL. Signed: ROSEMARIA URIBE, OWNER. This statement was filed with the County Clerk of Los Angeles County on 02/04/2021. The registrant(s) has (have) commenced to transact business under the fictitious business name or names listed above on 01/2021. NOTICE- This Fictitious Name Statement expires five years from the date it was filed in the office of the County Clerk. A new Fictitious Business Name Statement must be filed prior to that date. The filing of this statement does not of itself authorize the use in this state of a Fictitious Business Name in violation of the rights of another under Federal, State, or common law (see section 14411 et seq., Business and Professions Code)Publish: ES Mountain Views News Dates Pub: FEB 13, 20, 27, MARCH 6, 2021
FICTITIOUS BUSINESS NAME STATEMENT File No. 2021030675
The following person(s) is (are) doing business as: CASA AND KEY 1980 WEST AVENUE M-14 PALMDALE, CA 93551. MAILING: CASA AND KEY 4000 STABLE DR, PALMDALE, CA 93552. Full name of registrant(s) is (are) VALCOSTA CORP 4000 STABLE DR, PALMDALE, CA 93552. This Business is conducted by A CORPORATION. Signed: VALCOSTA CORP, RICKY DAVE JEFFORDS, CEO. This statement was filed with the County Clerk of Los Angeles County on 02/03/2021. The registrant(s) has (have) commenced to transact business under the fictitious business name or names listed above on 02/2021. NOTICE- This Fictitious Name Statement expires five years from the date it was filed in the office of the County Clerk. A new Fictitious Business Name Statement must be filed prior to that date. The filing of this statement does not of itself authorize the use in this state of a Fictitious Business Name in violation of the rights of another under Federal, State, or common law (see section 14411 et seq., Business and Professions Code)Publish: ES Mountain Views News Dates Pub: FEB 13, 20, 27, MARCH 6, 2021
FICTITIOUS BUSINESS NAME STATEMENT File No. 2021031018
The following person(s) is (are) doing business as: DMCV SCREENPRINTING 2235 16TH AVE, OAKLAND, CA 94606. Full name of registrant(s) is (are) DARYL MC DANIEL, 2235 16TH AVE, OAKLAND, CA 94606. This Business is conducted by AN INDIVIDUAL. Signed: DARYL MC DANIEL JR, OWNER. This statement was filed with the County Clerk of Los Angeles County on 02/03/2021. The registrant(s) has (have) commenced to transact business under the fictitious business name or names listed above on N/A. NOTICE- This Fictitious Name Statement expires five years from the date it was filed in the office of the County Clerk. A new Fictitious Business Name Statement must be filed prior to that date. The filing of this statement does not of itself authorize the use in this state of a Fictitious Business Name in violation of the rights of another under Federal, State, or common law (see section 14411 et seq., Business and Professions Code)Publish: ES Mountain Views News Dates Pub: FEB 13, 20, 27, MARCH 6, 2021
FICTITIOUS BUSINESS NAME STATEMENT File No. 2021030623
The following person(s) is (are) doing business as: BEAN OF GOLD 16830 VENTURA BOULEVARD SUITE #360, ENCINO, CA 91436. Full name of registrant(s) is (are) BEAN OF GOLD, LLC 16830 VENTURA BOULEVARD SUITE #360, ENCINO, CA 91436. This Business is conducted by A LIMITED LIABILITY COMPANY. Signed: MOHAMED YOUSSEF, MEMBER. This statement was filed with the County Clerk of Los Angeles County on 01/27/2021. The registrant(s) has (have) commenced to transact business under the fictitious business name or names listed above on N/A. NOTICE- This Fictitious Name Statement expires five years from the date it was filed in the office of the County Clerk. A new Fictitious Business Name Statement must be filed prior to that date. The filing of this statement does not of itself authorize the use in this state of a Fictitious Business Name in violation of the rights of another under Federal, State, or common law (see section 14411 et seq., Business and Professions Code)Publish: ES Mountain Views News Dates Pub: FEB 13, 20, 27, MARCH 6, 2021
FICTITIOUS BUSINESS NAME STATEMENT File No. 2021024524
ORDER TO SHOW CAUSE FOR CHANGE OF NAME

EDLIN DANIELLE YOUSEFI CASE NO 21GDCP00053

TO ALL INTERESTED PERSONS:

Petitioner

EDLIN DANIELLE YOUSEFI FILED A PETITION WITH THE LOS ANGELES SUPERIOR COURT- GLENDALE COURT HOUSE NORTH CENTRAL JUDICIAL DISTRICT

FOR A DECREE CHANGING NAMES AS FOLLOWS:

Present Name:

EDLIN DANIELLE YOUSEFI

Proposed Name:

EDLIN HOVSEPIAN

A HEARING on the petition will be held on 04/21/21 at 8:30 AM in Dept D GLENDALE COURT HOUSE 600 EAST BROADWAY, GLENDALE, CA. 91206.

THE COURT ORDERS that all interested in this matter appear before this court at the hearing indicated above to show cause, if any, why the petition for change of name should not be granted.

Any person objecting to the name changes described above must file a written objection that includes the reasons for the objection at least two court days before the matter is scheduled to be heard and must appear at the hearing to show cause why the petition should not be granted. If no written objection is timely filed, the court may grant the petition without a hearing.

Petitioner Appearing Pro Per EDLIN DANIELLE YOUSEFI 1350 GRAYNOLD AVE. GLENDALE, CA. 91202

DIR - MVNEWS FEB 27, MARCH 6, 13, 2021

NOTICE OF SALE

NOTICE IS HEREBY PROVIDED that the real property commonly known as 675 Brookside Lane, Sierra Madre, CA 91024, having APN 5763-019-037 (the "Property") is to be sold through a private sale available to the public. The legal description of the Property is attached hereto as Exhibit "1."

The interest in the Property that will be sold is 100% of the fee simple interest.

The Property is to be sold for all-cash, meaning that the seller will not extend credit to a prospective buyer. However, a prospective buyer may obtain other financing necessary to complete the purchase.

At the time an offer is submitted, the offeror must provide proof of funds necessary to complete the purchase. No specific form of proof of funds is required.

All offers are to be submitted on or before April 1, 2021. No offers will be accepted after that date. All offers are to be submitted to:

James A. Gallo, Esq. C/O The Provenio Group Inc.

Offers are to be submitted either by email or in-person. If offers are submitted by email then they are to be submitted to mikevachani@gmail.com with a copy to jim@jagesquire.com. If offers are submitted in person, the address for submission of offers is:

The Provenio Group Inc. 100 W. Lemon Ave., Suite 203 Monrovia, CA 91016

After all offers have been received in accordance with the above procedures, then the Court will hold a hearing to confirm that sale of the Property. At the hearing, the Court will entertain additional overbids in accordance with California Code of Civil Procedure

§873.740. Any person making an overbid must be prepared to immediately provide the Court with proof of funds necessary to consummate the purchase. No specific form of proof is required - the proof must simply be to the Court's satisfaction.

The Court hearing will take place at 10:00 a.m. Pacific Daylight time in Department B of the Superior Court located at 300 E. Olive Ave., Burbank, California on May 5, 2021, and may be adjourned to another date and time.

Court documents and dates are available by reference to case number GC050128 of the Los Angeles Superior Court.

EXHIBIT 1 LEGAL DESCRIPTION OF 657 BROOKSIDE LANE, SIERRA MADRE, CA 91024

THE LAND REFERRED TO HEREIN BELOW IS SITUATED IN THE COUNTY OF LOS ANGELES, STATE OF CALIFORNIA AND IS DESCRIBED AS FOLLOWS:

THE NORTHWESTERLY 26 FEET OF LOT 122 (THE SOUTHERLY LINE BEING PARALLEL WITH AND DISTANT 26 FEET FROM THE NORTHWESTERLY LINE OF SAID LOT) OF TRACT NO. 2456, IN THE CITY OF SIERRA MADRE, COUNTY OF LOS ANGELES, STATE OF CALIFORNIA, AS PER MAP RECORDED IN BOOK 24, PAGE(S) 36 AND 37 OF MAPS, IN THE OFFICE OF THE COUNTY RECORDER OF SAID COUNTY.

EXCEPT ALL OIL, GAS AND MINERAL RIGHTS IN OR UNDER SAID LAND OR ANY PART THEREOF, AS RESERVED IN DEED RECORDED IN BOOK 6667, PAGE 35 OF DEEDS. APN: 5763-019-037

Published Mountain Views News February 27, March 6, 13, 2021

Mountain Views News 80 W Sierra Madre Blvd. No. 327 Sierra Madre, Ca. 91024 Office: 626.355.2737 Fax: 626.609.3285 Email: editor@mtnviewsnews.com Website: www.mtnviewsnews.com
